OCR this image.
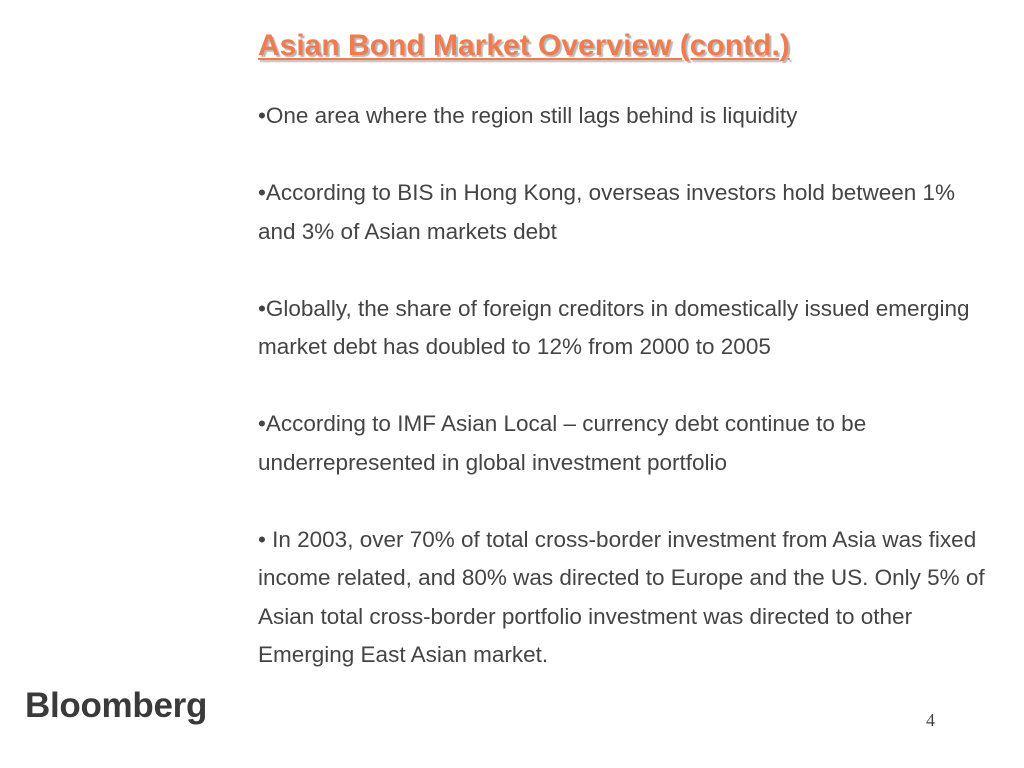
Asian Bond Market Overview (contd.)
•One area where the region still lags behind is liquidity
•According to BIS in Hong Kong, overseas investors hold between 1% and 3% of Asian markets debt
•Globally, the share of foreign creditors in domestically issued emerging market debt has doubled to 12% from 2000 to 2005
•According to IMF Asian Local – currency debt continue to be underrepresented in global investment portfolio
• In 2003, over 70% of total cross-border investment from Asia was fixed income related, and 80% was directed to Europe and the US. Only 5% of Asian total cross-border portfolio investment was directed to other Emerging East Asian market.
Bloomberg	4
